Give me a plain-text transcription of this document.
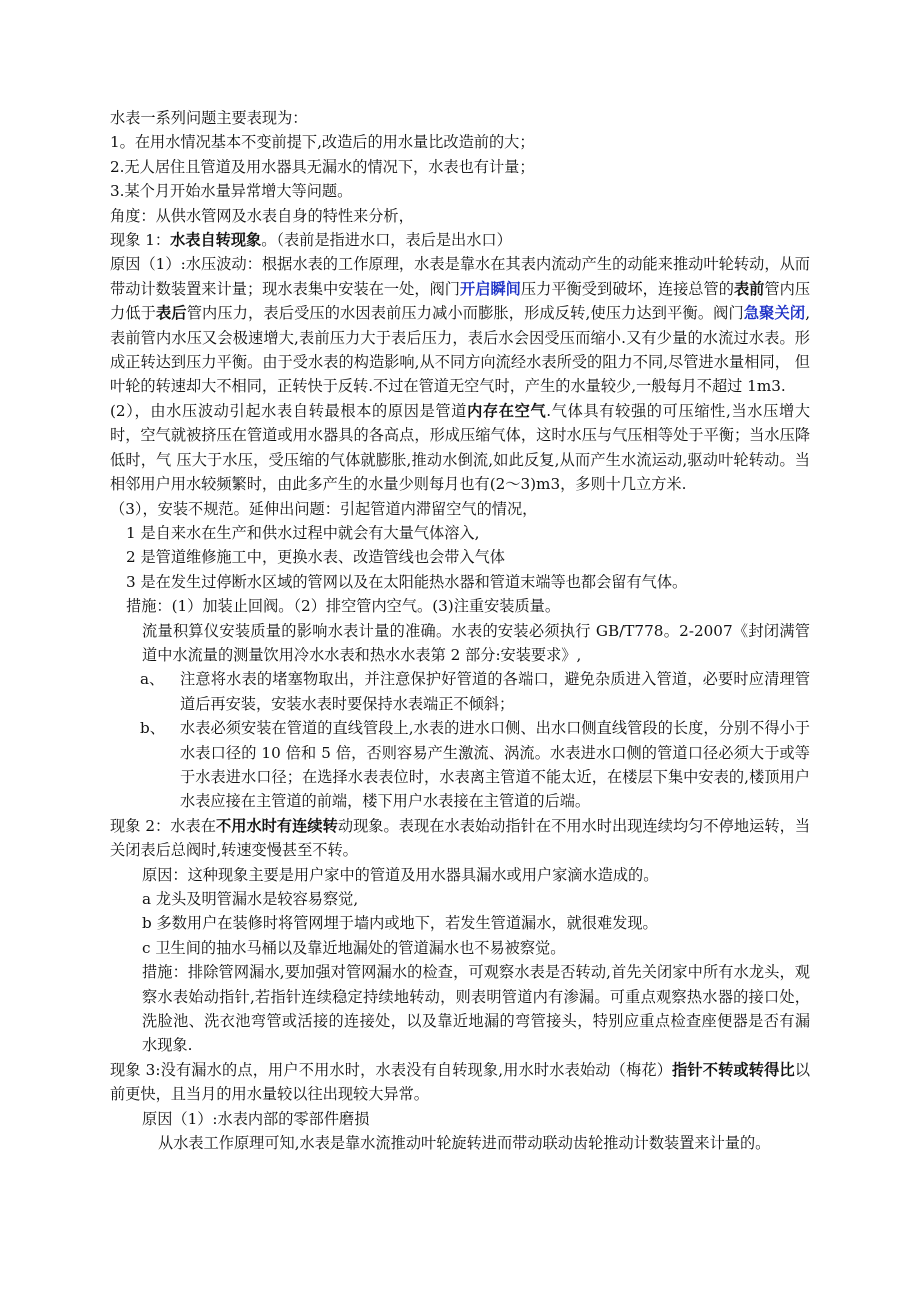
水表一系列问题主要表现为：

1。在用水情况基本不变前提下,改造后的用水量比改造前的大；

2.无人居住且管道及用水器具无漏水的情况下，水表也有计量；

3.某个月开始水量异常增大等问题。

角度：从供水管网及水表自身的特性来分析，

现象 1：水表自转现象。（表前是指进水口，表后是出水口）

原因（1）:水压波动：根据水表的工作原理，水表是靠水在其表内流动产生的动能来推动叶轮转动，从而带动计数装置来计量；现水表集中安装在一处，阀门开启瞬间压力平衡受到破坏，连接总管的表前管内压力低于表后管内压力，表后受压的水因表前压力减小而膨胀，形成反转,使压力达到平衡。阀门急聚关闭,表前管内水压又会极速增大,表前压力大于表后压力，表后水会因受压而缩小.又有少量的水流过水表。形成正转达到压力平衡。由于受水表的构造影响,从不同方向流经水表所受的阻力不同,尽管进水量相同， 但叶轮的转速却大不相同，正转快于反转.不过在管道无空气时，产生的水量较少,一般每月不超过 1m3.

(2），由水压波动引起水表自转最根本的原因是管道内存在空气.气体具有较强的可压缩性,当水压增大时，空气就被挤压在管道或用水器具的各高点，形成压缩气体，这时水压与气压相等处于平衡；当水压降低时，气 压大于水压，受压缩的气体就膨胀,推动水倒流,如此反复,从而产生水流运动,驱动叶轮转动。当相邻用户用水较频繁时，由此多产生的水量少则每月也有(2～3)m3，多则十几立方米.

（3），安装不规范。延伸出问题：引起管道内滞留空气的情况，

1 是自来水在生产和供水过程中就会有大量气体溶入,

2 是管道维修施工中，更换水表、改造管线也会带入气体

3 是在发生过停断水区域的管网以及在太阳能热水器和管道末端等也都会留有气体。

措施：(1）加装止回阀。（2）排空管内空气。(3)注重安装质量。

流量积算仪安装质量的影响水表计量的准确。水表的安装必须执行 GB/T778。2-2007《封闭满管道中水流量的测量饮用冷水水表和热水水表第 2 部分:安装要求》,

a、	注意将水表的堵塞物取出，并注意保护好管道的各端口，避免杂质进入管道，必要时应清理管道后再安装，安装水表时要保持水表端正不倾斜；

b、 水表必须安装在管道的直线管段上,水表的进水口侧、出水口侧直线管段的长度，分别不得小于水表口径的 10 倍和 5 倍，否则容易产生激流、涡流。水表进水口侧的管道口径必须大于或等于水表进水口径；在选择水表表位时，水表离主管道不能太近，在楼层下集中安表的,楼顶用户水表应接在主管道的前端，楼下用户水表接在主管道的后端。

现象 2：水表在不用水时有连续转动现象。表现在水表始动指针在不用水时出现连续均匀不停地运转，当关闭表后总阀时,转速变慢甚至不转。

原因：这种现象主要是用户家中的管道及用水器具漏水或用户家滴水造成的。

a 龙头及明管漏水是较容易察觉,

b 多数用户在装修时将管网埋于墙内或地下，若发生管道漏水，就很难发现。

c 卫生间的抽水马桶以及靠近地漏处的管道漏水也不易被察觉。

措施：排除管网漏水,要加强对管网漏水的检查，可观察水表是否转动,首先关闭家中所有水龙头，观察水表始动指针,若指针连续稳定持续地转动，则表明管道内有渗漏。可重点观察热水器的接口处，洗脸池、洗衣池弯管或活接的连接处，以及靠近地漏的弯管接头，特别应重点检查座便器是否有漏水现象.

现象 3:没有漏水的点，用户不用水时，水表没有自转现象,用水时水表始动（梅花）指针不转或转得比以前更快，且当月的用水量较以往出现较大异常。

原因（1）:水表内部的零部件磨损

从水表工作原理可知,水表是靠水流推动叶轮旋转进而带动联动齿轮推动计数装置来计量的。
